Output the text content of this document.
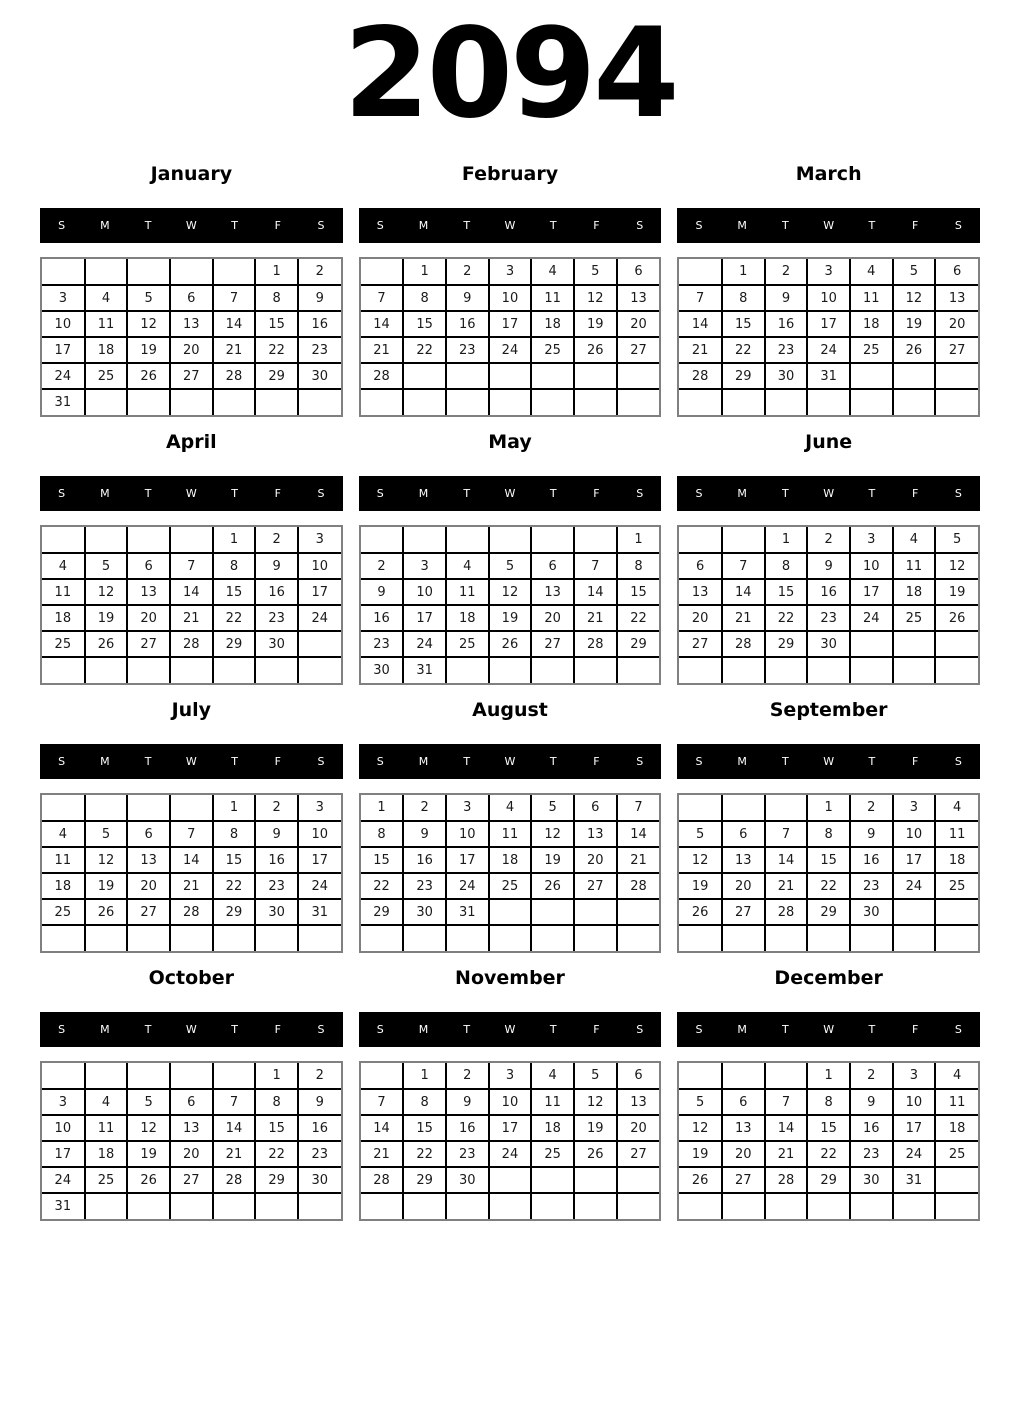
2094
January
S	M	T	W	T	F	S
					1	2
3	4	5	6	7	8	9
10	11	12	13	14	15	16
17	18	19	20	21	22	23
24	25	26	27	28	29	30
31						
February
S	M	T	W	T	F	S
	1	2	3	4	5	6
7	8	9	10	11	12	13
14	15	16	17	18	19	20
21	22	23	24	25	26	27
28						

March
S	M	T	W	T	F	S
	1	2	3	4	5	6
7	8	9	10	11	12	13
14	15	16	17	18	19	20
21	22	23	24	25	26	27
28	29	30	31			

April
S	M	T	W	T	F	S
				1	2	3
4	5	6	7	8	9	10
11	12	13	14	15	16	17
18	19	20	21	22	23	24
25	26	27	28	29	30	

May
S	M	T	W	T	F	S
						1
2	3	4	5	6	7	8
9	10	11	12	13	14	15
16	17	18	19	20	21	22
23	24	25	26	27	28	29
30	31					
June
S	M	T	W	T	F	S
		1	2	3	4	5
6	7	8	9	10	11	12
13	14	15	16	17	18	19
20	21	22	23	24	25	26
27	28	29	30			

July
S	M	T	W	T	F	S
				1	2	3
4	5	6	7	8	9	10
11	12	13	14	15	16	17
18	19	20	21	22	23	24
25	26	27	28	29	30	31

August
S	M	T	W	T	F	S
1	2	3	4	5	6	7
8	9	10	11	12	13	14
15	16	17	18	19	20	21
22	23	24	25	26	27	28
29	30	31				

September
S	M	T	W	T	F	S
			1	2	3	4
5	6	7	8	9	10	11
12	13	14	15	16	17	18
19	20	21	22	23	24	25
26	27	28	29	30		

October
S	M	T	W	T	F	S
					1	2
3	4	5	6	7	8	9
10	11	12	13	14	15	16
17	18	19	20	21	22	23
24	25	26	27	28	29	30
31						
November
S	M	T	W	T	F	S
	1	2	3	4	5	6
7	8	9	10	11	12	13
14	15	16	17	18	19	20
21	22	23	24	25	26	27
28	29	30				

December
S	M	T	W	T	F	S
			1	2	3	4
5	6	7	8	9	10	11
12	13	14	15	16	17	18
19	20	21	22	23	24	25
26	27	28	29	30	31	
